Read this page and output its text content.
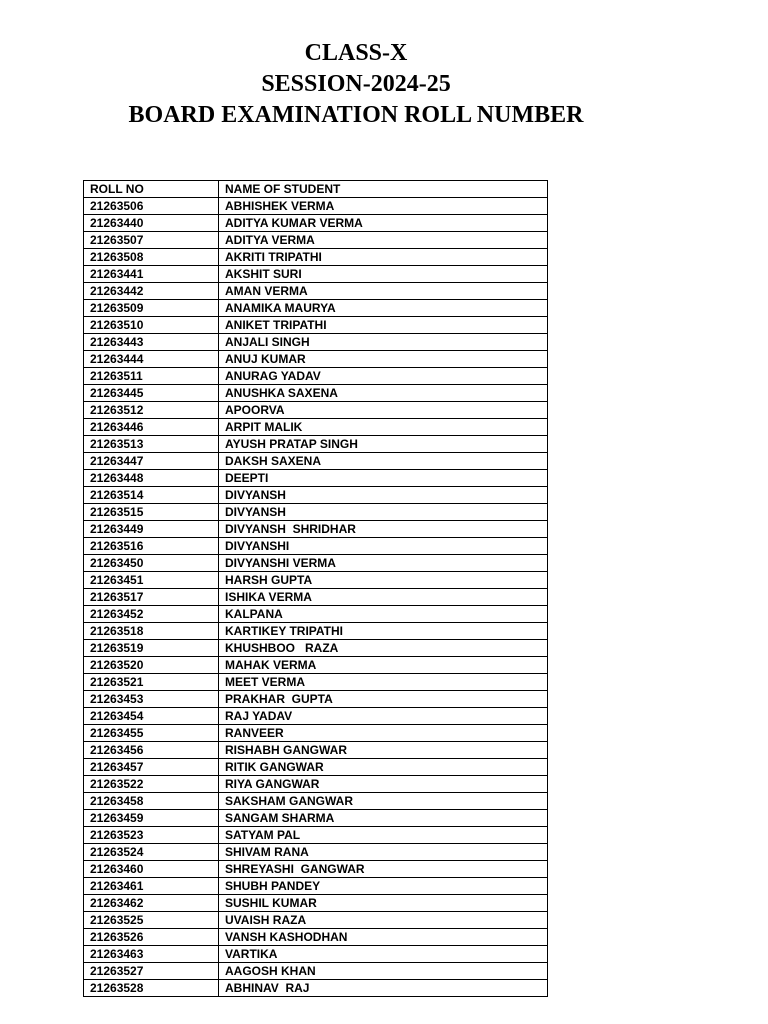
CLASS-X
SESSION-2024-25
BOARD EXAMINATION ROLL NUMBER
ROLL NO	NAME OF STUDENT
21263506	ABHISHEK VERMA
21263440	ADITYA KUMAR VERMA
21263507	ADITYA VERMA
21263508	AKRITI TRIPATHI
21263441	AKSHIT SURI
21263442	AMAN VERMA
21263509	ANAMIKA MAURYA
21263510	ANIKET TRIPATHI
21263443	ANJALI SINGH
21263444	ANUJ KUMAR
21263511	ANURAG YADAV
21263445	ANUSHKA SAXENA
21263512	APOORVA
21263446	ARPIT MALIK
21263513	AYUSH PRATAP SINGH
21263447	DAKSH SAXENA
21263448	DEEPTI
21263514	DIVYANSH
21263515	DIVYANSH
21263449	DIVYANSH  SHRIDHAR
21263516	DIVYANSHI
21263450	DIVYANSHI VERMA
21263451	HARSH GUPTA
21263517	ISHIKA VERMA
21263452	KALPANA
21263518	KARTIKEY TRIPATHI
21263519	KHUSHBOO   RAZA
21263520	MAHAK VERMA
21263521	MEET VERMA
21263453	PRAKHAR  GUPTA
21263454	RAJ YADAV
21263455	RANVEER
21263456	RISHABH GANGWAR
21263457	RITIK GANGWAR
21263522	RIYA GANGWAR
21263458	SAKSHAM GANGWAR
21263459	SANGAM SHARMA
21263523	SATYAM PAL
21263524	SHIVAM RANA
21263460	SHREYASHI  GANGWAR
21263461	SHUBH PANDEY
21263462	SUSHIL KUMAR
21263525	UVAISH RAZA
21263526	VANSH KASHODHAN
21263463	VARTIKA
21263527	AAGOSH KHAN
21263528	ABHINAV  RAJ
